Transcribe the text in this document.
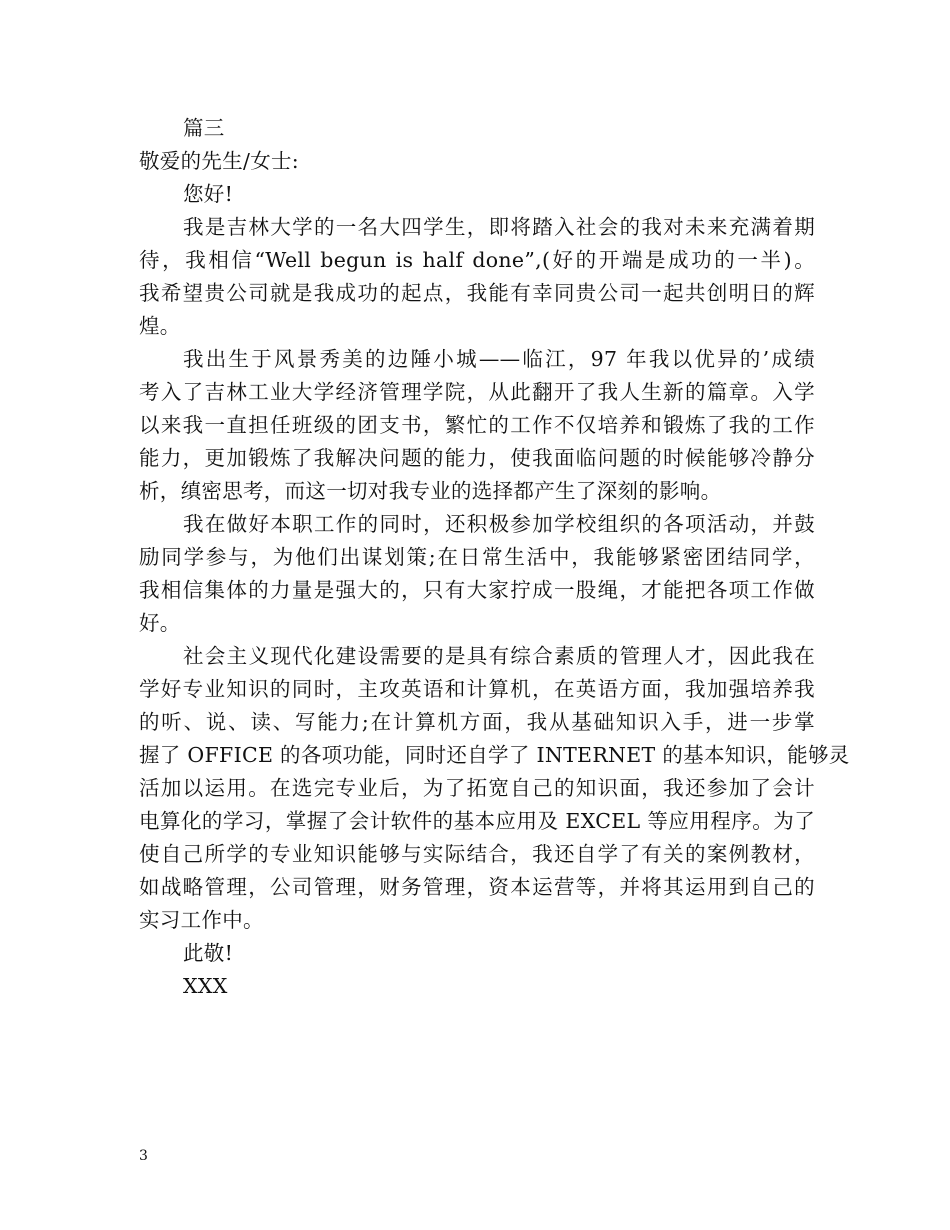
篇三
敬爱的先生/女士:
您好!
我是吉林大学的一名大四学生，即将踏入社会的我对未来充满着期
待，我相信“Well begun is half done”,(好的开端是成功的一半)。
我希望贵公司就是我成功的起点，我能有幸同贵公司一起共创明日的辉
煌。
我出生于风景秀美的边陲小城——临江，97 年我以优异的’成绩
考入了吉林工业大学经济管理学院，从此翻开了我人生新的篇章。入学
以来我一直担任班级的团支书，繁忙的工作不仅培养和锻炼了我的工作
能力，更加锻炼了我解决问题的能力，使我面临问题的时候能够冷静分
析，缜密思考，而这一切对我专业的选择都产生了深刻的影响。
我在做好本职工作的同时，还积极参加学校组织的各项活动，并鼓
励同学参与，为他们出谋划策;在日常生活中，我能够紧密团结同学，
我相信集体的力量是强大的，只有大家拧成一股绳，才能把各项工作做
好。
社会主义现代化建设需要的是具有综合素质的管理人才，因此我在
学好专业知识的同时，主攻英语和计算机，在英语方面，我加强培养我
的听、说、读、写能力;在计算机方面，我从基础知识入手，进一步掌
握了 OFFICE 的各项功能，同时还自学了 INTERNET 的基本知识，能够灵
活加以运用。在选完专业后，为了拓宽自己的知识面，我还参加了会计
电算化的学习，掌握了会计软件的基本应用及 EXCEL 等应用程序。为了
使自己所学的专业知识能够与实际结合，我还自学了有关的案例教材，
如战略管理，公司管理，财务管理，资本运营等，并将其运用到自己的
实习工作中。
此敬!
XXX
3
